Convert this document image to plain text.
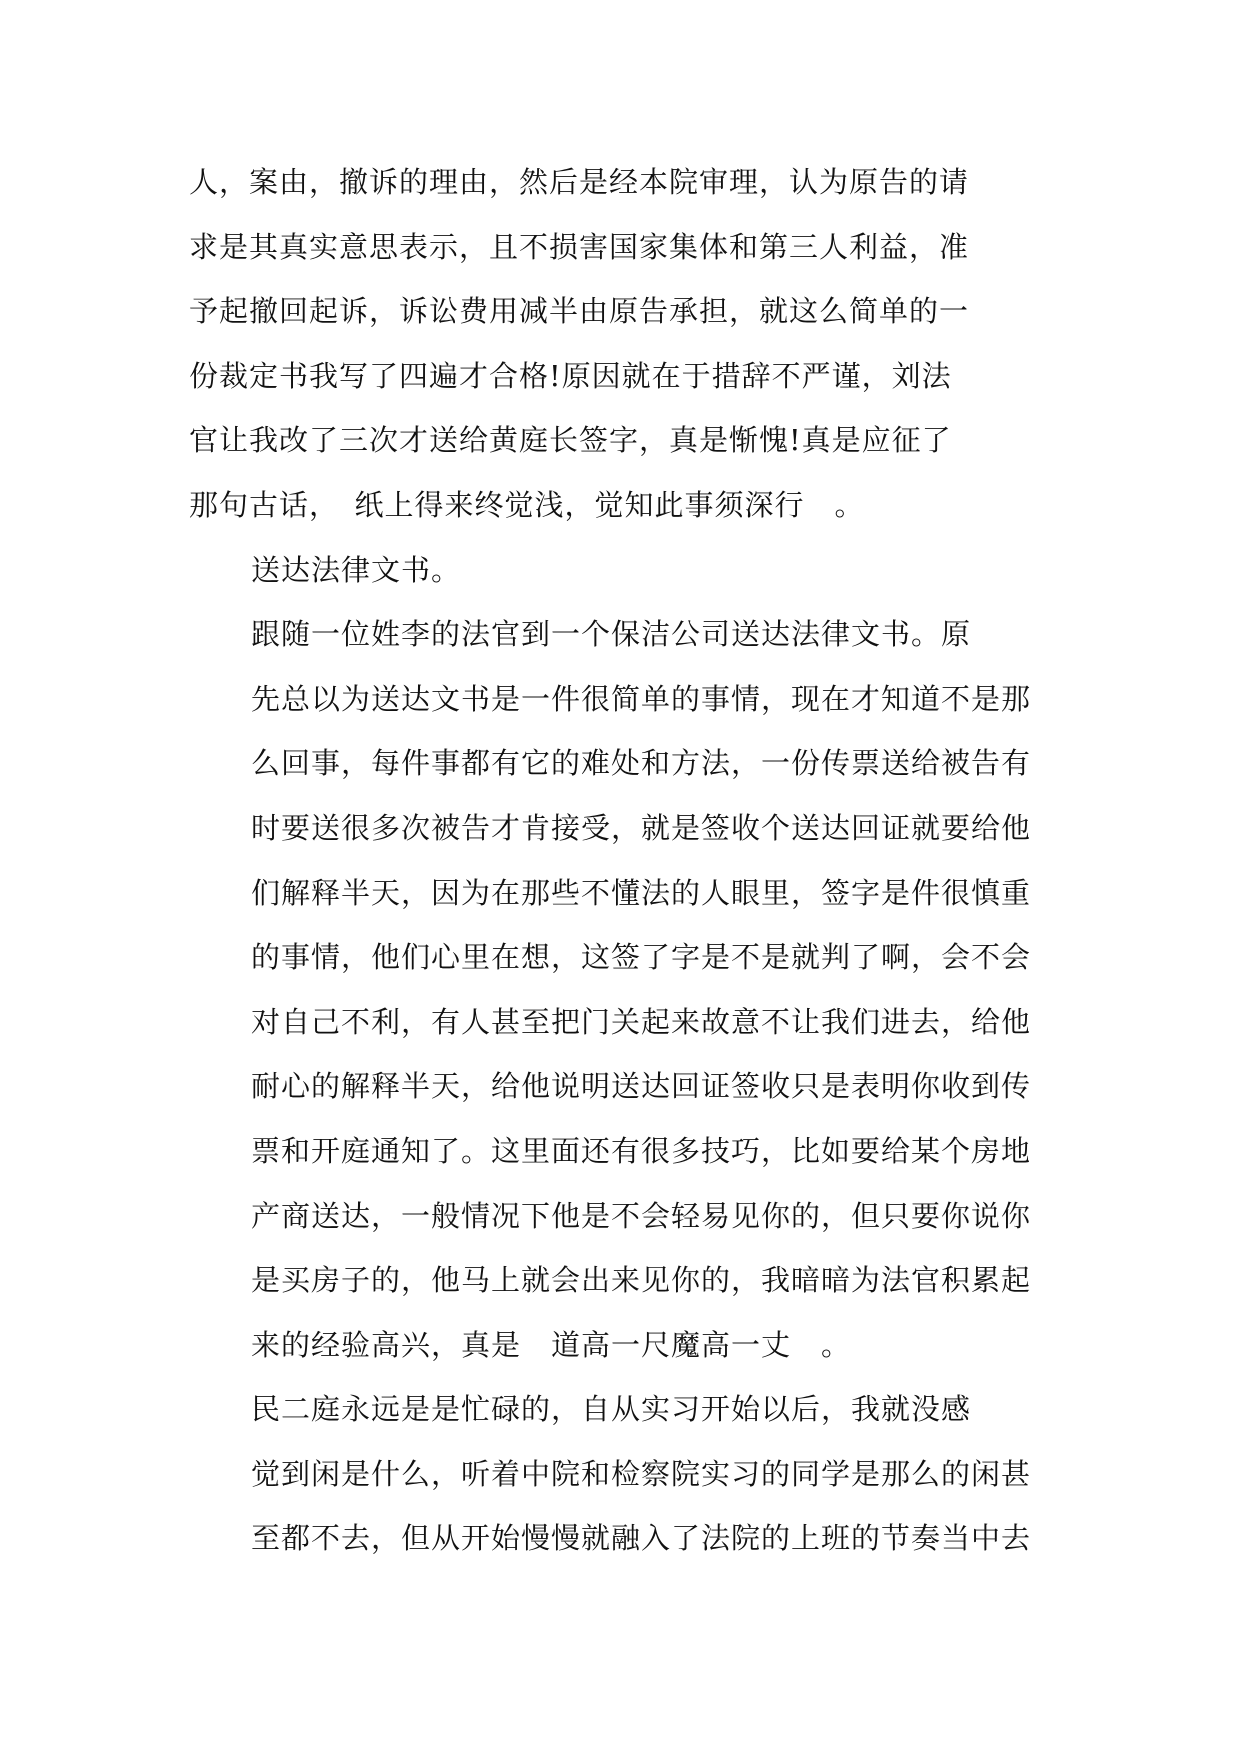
人，案由，撤诉的理由，然后是经本院审理，认为原告的请
求是其真实意思表示，且不损害国家集体和第三人利益，准
予起撤回起诉，诉讼费用减半由原告承担，就这么简单的一
份裁定书我写了四遍才合格!原因就在于措辞不严谨，刘法
官让我改了三次才送给黄庭长签字，真是惭愧!真是应征了
那句古话，　纸上得来终觉浅，觉知此事须深行　。

送达法律文书。

跟随一位姓李的法官到一个保洁公司送达法律文书。原
先总以为送达文书是一件很简单的事情，现在才知道不是那
么回事，每件事都有它的难处和方法，一份传票送给被告有
时要送很多次被告才肯接受，就是签收个送达回证就要给他
们解释半天，因为在那些不懂法的人眼里，签字是件很慎重
的事情，他们心里在想，这签了字是不是就判了啊，会不会
对自己不利，有人甚至把门关起来故意不让我们进去，给他
耐心的解释半天，给他说明送达回证签收只是表明你收到传
票和开庭通知了。这里面还有很多技巧，比如要给某个房地
产商送达，一般情况下他是不会轻易见你的，但只要你说你
是买房子的，他马上就会出来见你的，我暗暗为法官积累起
来的经验高兴，真是　道高一尺魔高一丈　。

民二庭永远是是忙碌的，自从实习开始以后，我就没感
觉到闲是什么，听着中院和检察院实习的同学是那么的闲甚
至都不去，但从开始慢慢就融入了法院的上班的节奏当中去
